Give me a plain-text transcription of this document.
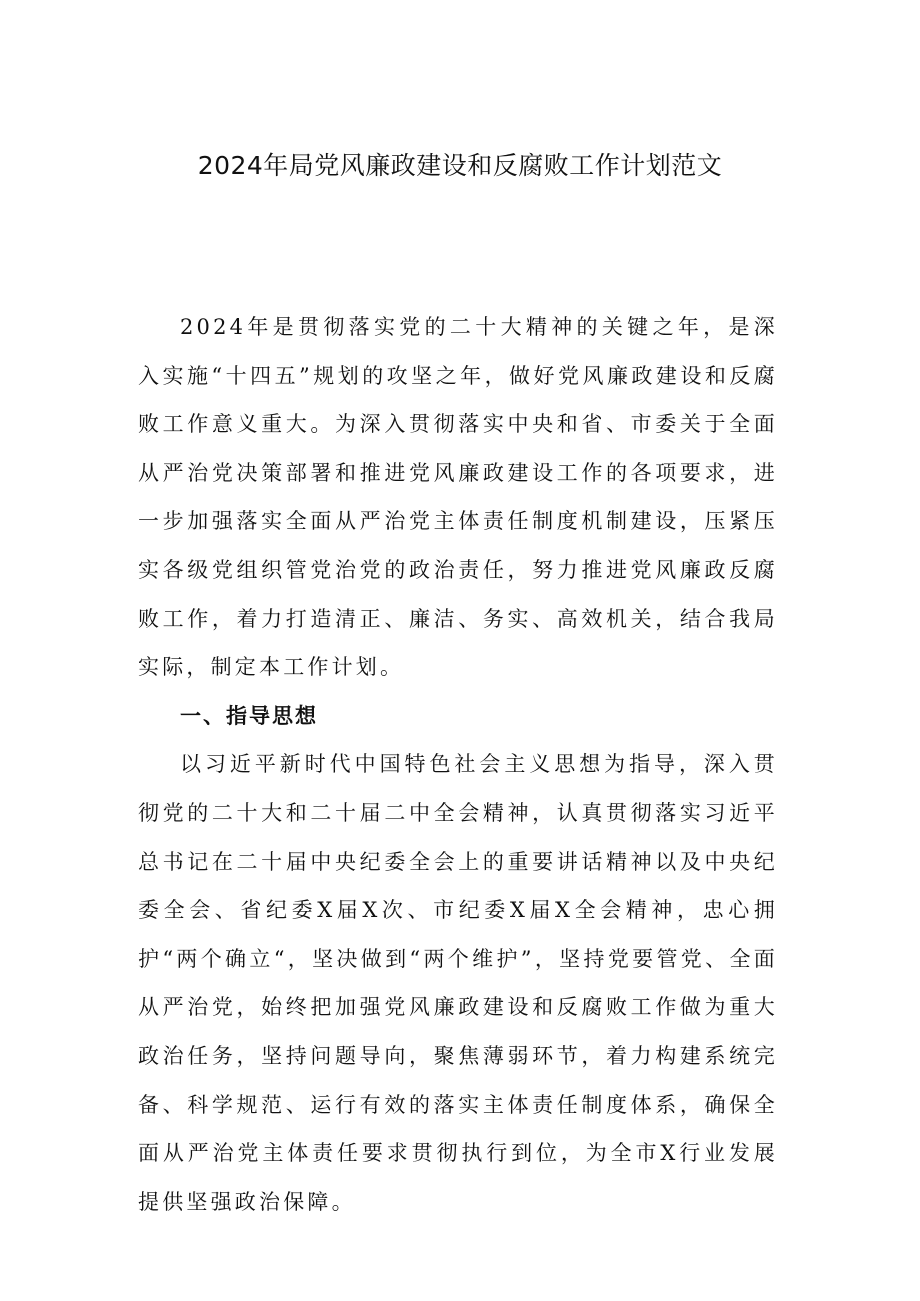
2024年局党风廉政建设和反腐败工作计划范文

2024年是贯彻落实党的二十大精神的关键之年，是深入实施“十四五”规划的攻坚之年，做好党风廉政建设和反腐败工作意义重大。为深入贯彻落实中央和省、市委关于全面从严治党决策部署和推进党风廉政建设工作的各项要求，进一步加强落实全面从严治党主体责任制度机制建设，压紧压实各级党组织管党治党的政治责任，努力推进党风廉政反腐败工作，着力打造清正、廉洁、务实、高效机关，结合我局实际，制定本工作计划。

一、指导思想

以习近平新时代中国特色社会主义思想为指导，深入贯彻党的二十大和二十届二中全会精神，认真贯彻落实习近平总书记在二十届中央纪委全会上的重要讲话精神以及中央纪委全会、省纪委X届X次、市纪委X届X全会精神，忠心拥护“两个确立“，坚决做到“两个维护”，坚持党要管党、全面从严治党，始终把加强党风廉政建设和反腐败工作做为重大政治任务，坚持问题导向，聚焦薄弱环节，着力构建系统完备、科学规范、运行有效的落实主体责任制度体系，确保全面从严治党主体责任要求贯彻执行到位，为全市X行业发展提供坚强政治保障。
